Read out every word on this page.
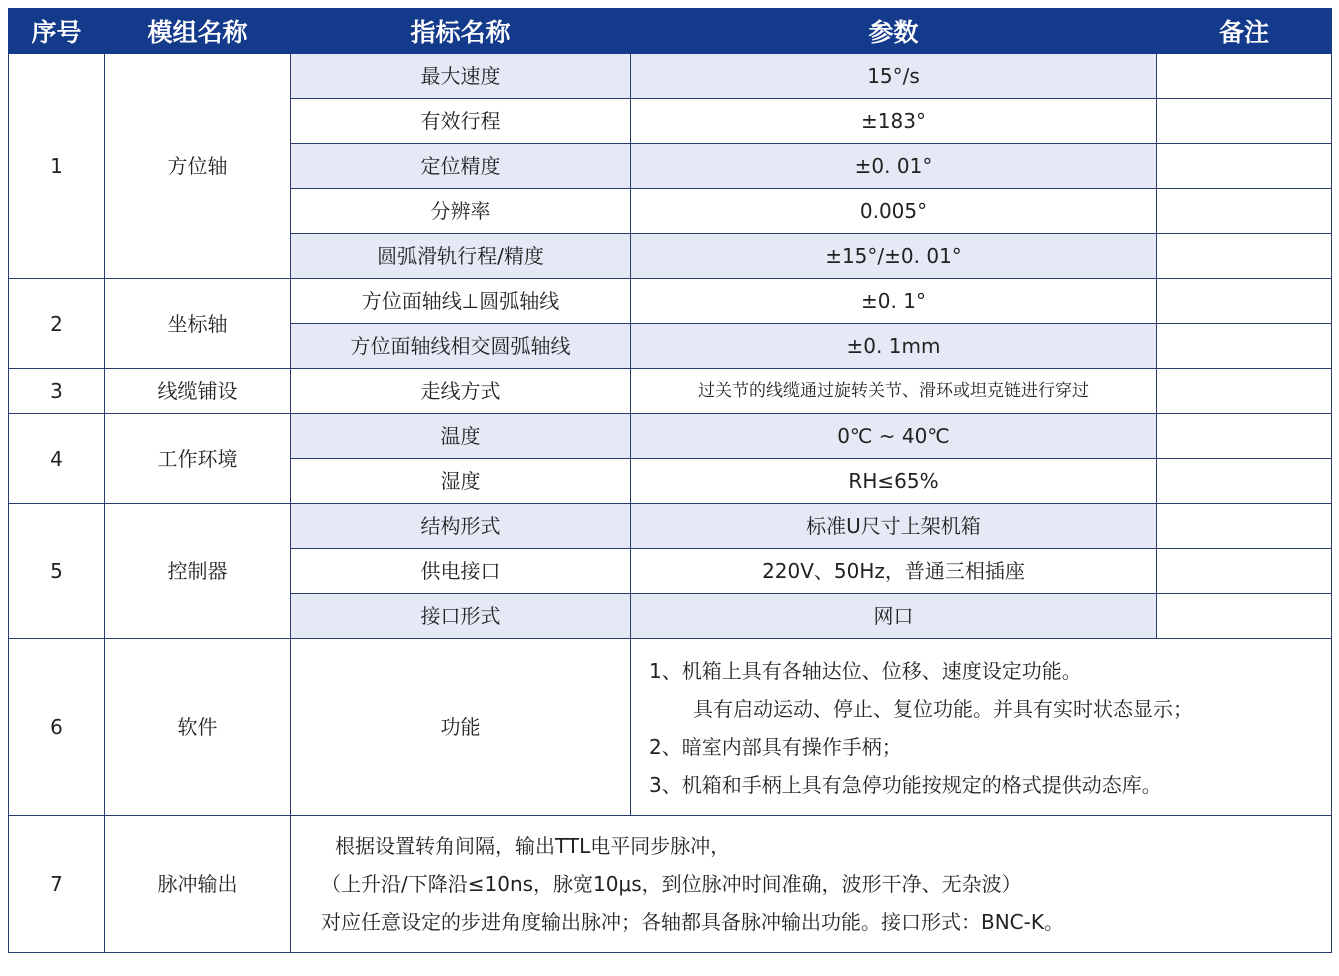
序号	模组名称	指标名称	参数	备注
1	方位轴	最大速度	15°/s	
		有效行程	±183°	
		定位精度	±0. 01°	
		分辨率	0.005°	
		圆弧滑轨行程/精度	±15°/±0. 01°	
2	坐标轴	方位面轴线⊥圆弧轴线	±0. 1°	
		方位面轴线相交圆弧轴线	±0. 1mm	
3	线缆铺设	走线方式	过关节的线缆通过旋转关节、滑环或坦克链进行穿过	
4	工作环境	温度	0℃ ~ 40℃	
		湿度	RH≤65%	
5	控制器	结构形式	标准U尺寸上架机箱	
		供电接口	220V、50Hz，普通三相插座	
		接口形式	网口	
6	软件	功能	1、机箱上具有各轴达位、位移、速度设定功能。
具有启动运动、停止、复位功能。并具有实时状态显示；
2、暗室内部具有操作手柄；
3、机箱和手柄上具有急停功能按规定的格式提供动态库。	

7	脉冲输出	根据设置转角间隔，输出TTL电平同步脉冲，
（上升沿/下降沿≤10ns，脉宽10μs，到位脉冲时间准确，波形干净、无杂波）
对应任意设定的步进角度输出脉冲；各轴都具备脉冲输出功能。接口形式：BNC-K。		
